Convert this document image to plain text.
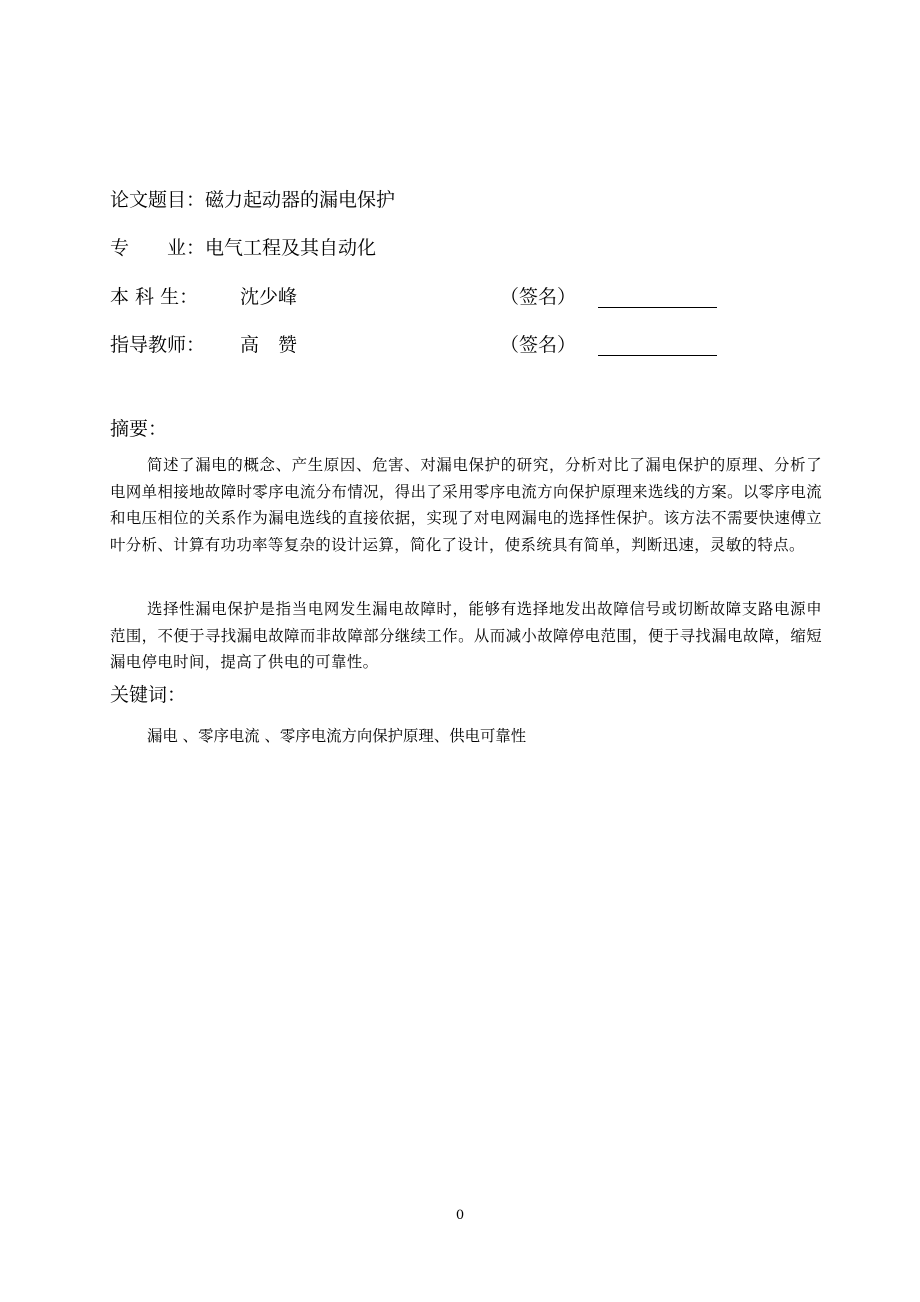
论文题目： 磁力起动器的漏电保护
专　　业： 电气工程及其自动化
本 科 生： 沈少峰	（签名）
指导教师： 高　赞	（签名）
摘要：
简述了漏电的概念、产生原因、危害、对漏电保护的研究，分析对比了漏电保护的原理、分析了电网单相接地故障时零序电流分布情况，得出了采用零序电流方向保护原理来选线的方案。以零序电流和电压相位的关系作为漏电选线的直接依据，实现了对电网漏电的选择性保护。该方法不需要快速傅立叶分析、计算有功功率等复杂的设计运算，简化了设计，使系统具有简单，判断迅速，灵敏的特点。
选择性漏电保护是指当电网发生漏电故障时，能够有选择地发出故障信号或切断故障支路电源申范围，不便于寻找漏电故障而非故障部分继续工作。从而减小故障停电范围，便于寻找漏电故障，缩短漏电停电时间，提高了供电的可靠性。
关键词：
漏电 、零序电流 、零序电流方向保护原理、供电可靠性
0
